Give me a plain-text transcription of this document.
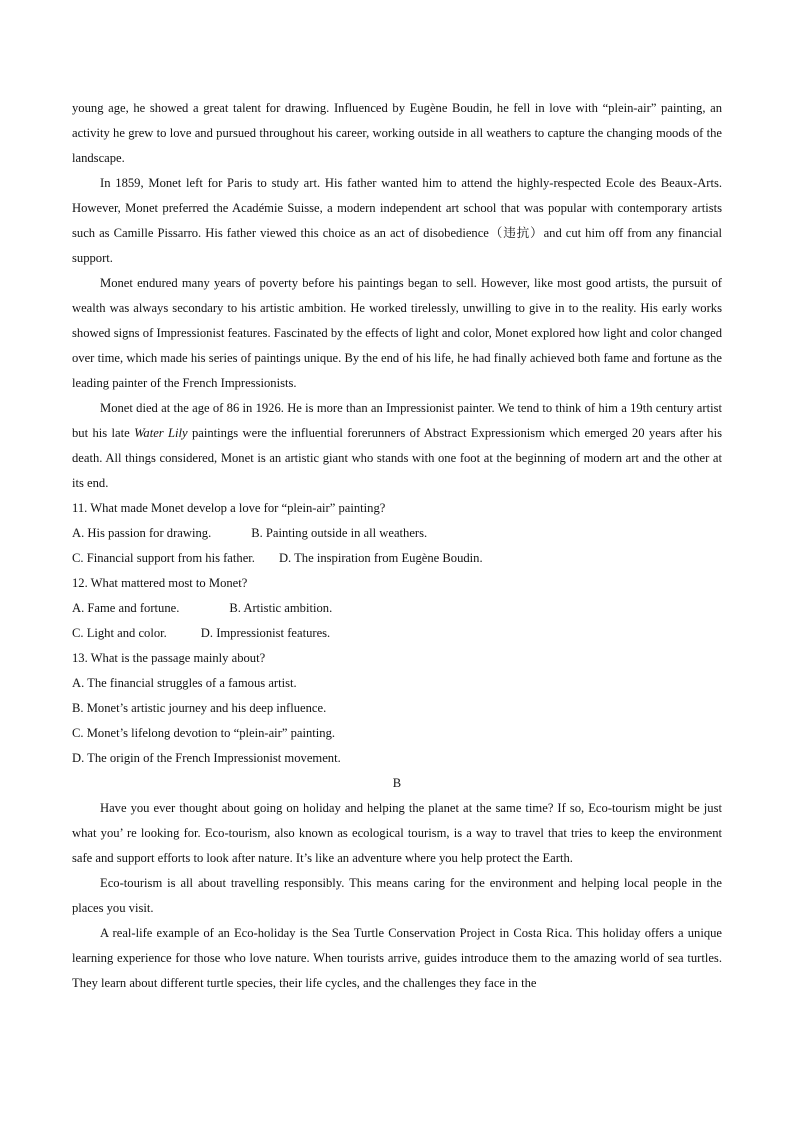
young age, he showed a great talent for drawing. Influenced by Eugène Boudin, he fell in love with “plein-air” painting, an activity he grew to love and pursued throughout his career, working outside in all weathers to capture the changing moods of the landscape.

In 1859, Monet left for Paris to study art. His father wanted him to attend the highly-respected Ecole des Beaux-Arts. However, Monet preferred the Académie Suisse, a modern independent art school that was popular with contemporary artists such as Camille Pissarro. His father viewed this choice as an act of disobedience（违抗）and cut him off from any financial support.

Monet endured many years of poverty before his paintings began to sell. However, like most good artists, the pursuit of wealth was always secondary to his artistic ambition. He worked tirelessly, unwilling to give in to the reality. His early works showed signs of Impressionist features. Fascinated by the effects of light and color, Monet explored how light and color changed over time, which made his series of paintings unique. By the end of his life, he had finally achieved both fame and fortune as the leading painter of the French Impressionists.

Monet died at the age of 86 in 1926. He is more than an Impressionist painter. We tend to think of him a 19th century artist but his late Water Lily paintings were the influential forerunners of Abstract Expressionism which emerged 20 years after his death. All things considered, Monet is an artistic giant who stands with one foot at the beginning of modern art and the other at its end.

11. What made Monet develop a love for “plein-air” painting?

A. His passion for drawing.	B. Painting outside in all weathers.

C. Financial support from his father. D. The inspiration from Eugène Boudin.

12. What mattered most to Monet?

A. Fame and fortune.	B. Artistic ambition.

C. Light and color.	D. Impressionist features.

13. What is the passage mainly about?

A. The financial struggles of a famous artist.

B. Monet’s artistic journey and his deep influence.

C. Monet’s lifelong devotion to “plein-air” painting.

D. The origin of the French Impressionist movement.

B

Have you ever thought about going on holiday and helping the planet at the same time? If so, Eco-tourism might be just what you’ re looking for. Eco-tourism, also known as ecological tourism, is a way to travel that tries to keep the environment safe and support efforts to look after nature. It’s like an adventure where you help protect the Earth.

Eco-tourism is all about travelling responsibly. This means caring for the environment and helping local people in the places you visit.

A real-life example of an Eco-holiday is the Sea Turtle Conservation Project in Costa Rica. This holiday offers a unique learning experience for those who love nature. When tourists arrive, guides introduce them to the amazing world of sea turtles. They learn about different turtle species, their life cycles, and the challenges they face in the
